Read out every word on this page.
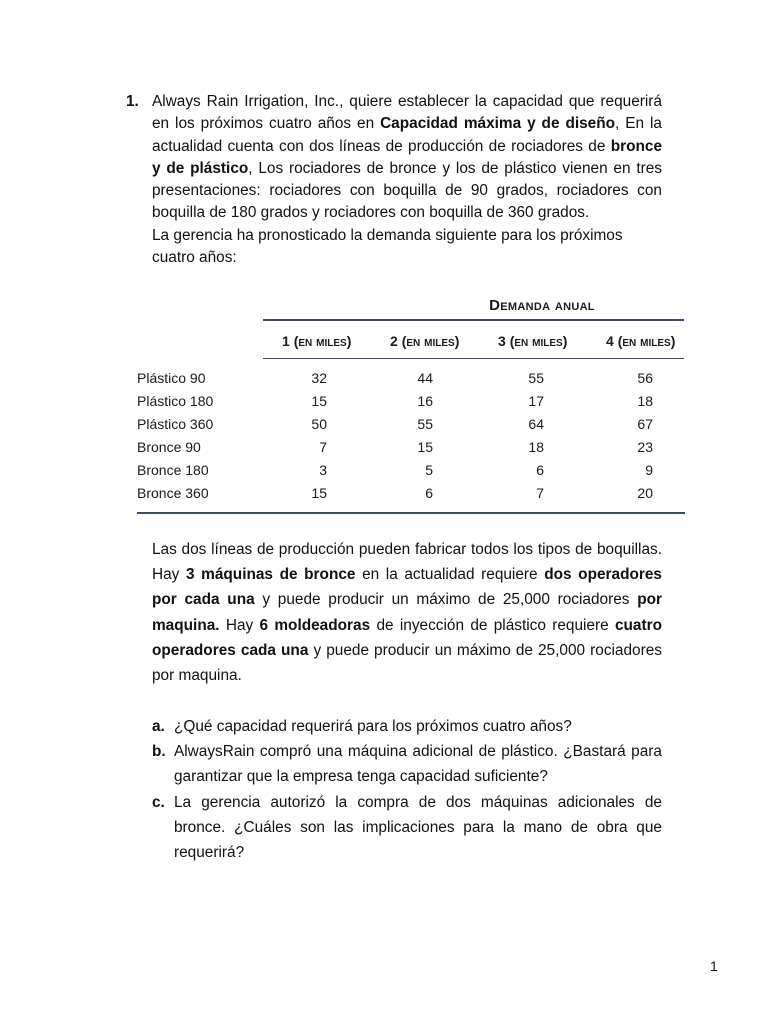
1. Always Rain Irrigation, Inc., quiere establecer la capacidad que requerirá en los próximos cuatro años en Capacidad máxima y de diseño, En la actualidad cuenta con dos líneas de producción de rociadores de bronce y de plástico, Los rociadores de bronce y los de plástico vienen en tres presentaciones: rociadores con boquilla de 90 grados, rociadores con boquilla de 180 grados y rociadores con boquilla de 360 grados.

La gerencia ha pronosticado la demanda siguiente para los próximos cuatro años:

Demanda anual
1 (en miles)	2 (en miles)	3 (en miles)	4 (en miles)
Plástico 90	32	44	55	56
Plástico 180	15	16	17	18
Plástico 360	50	55	64	67
Bronce 90	7	15	18	23
Bronce 180	3	5	6	9
Bronce 360	15	6	7	20

Las dos líneas de producción pueden fabricar todos los tipos de boquillas. Hay 3 máquinas de bronce en la actualidad requiere dos operadores por cada una y puede producir un máximo de 25,000 rociadores por maquina. Hay 6 moldeadoras de inyección de plástico requiere cuatro operadores cada una y puede producir un máximo de 25,000 rociadores por maquina.

a. ¿Qué capacidad requerirá para los próximos cuatro años?

b. AlwaysRain compró una máquina adicional de plástico. ¿Bastará para garantizar que la empresa tenga capacidad suficiente?

c. La gerencia autorizó la compra de dos máquinas adicionales de bronce. ¿Cuáles son las implicaciones para la mano de obra que requerirá?

1
